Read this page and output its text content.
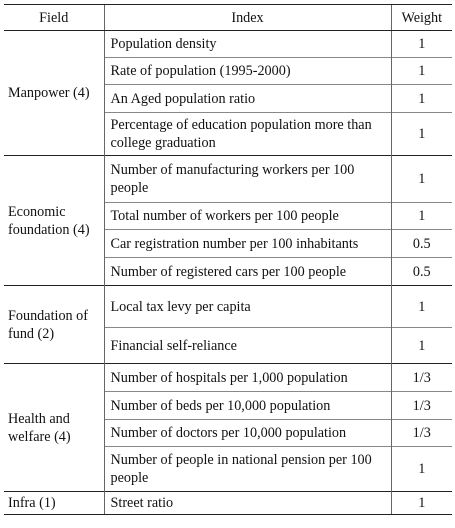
Field	Index	Weight
Manpower (4)	Population density	1
	Rate of population (1995-2000)	1
	An Aged population ratio	1
	Percentage of education population more than college graduation	1
Economic foundation (4)	Number of manufacturing workers per 100 people	1
	Total number of workers per 100 people	1
	Car registration number per 100 inhabitants	0.5
	Number of registered cars per 100 people	0.5
Foundation of fund (2)	Local tax levy per capita	1
	Financial self-reliance	1
Health and welfare (4)	Number of hospitals per 1,000 population	1/3
	Number of beds per 10,000 population	1/3
	Number of doctors per 10,000 population	1/3
	Number of people in national pension per 100 people	1
Infra (1)	Street ratio	1
